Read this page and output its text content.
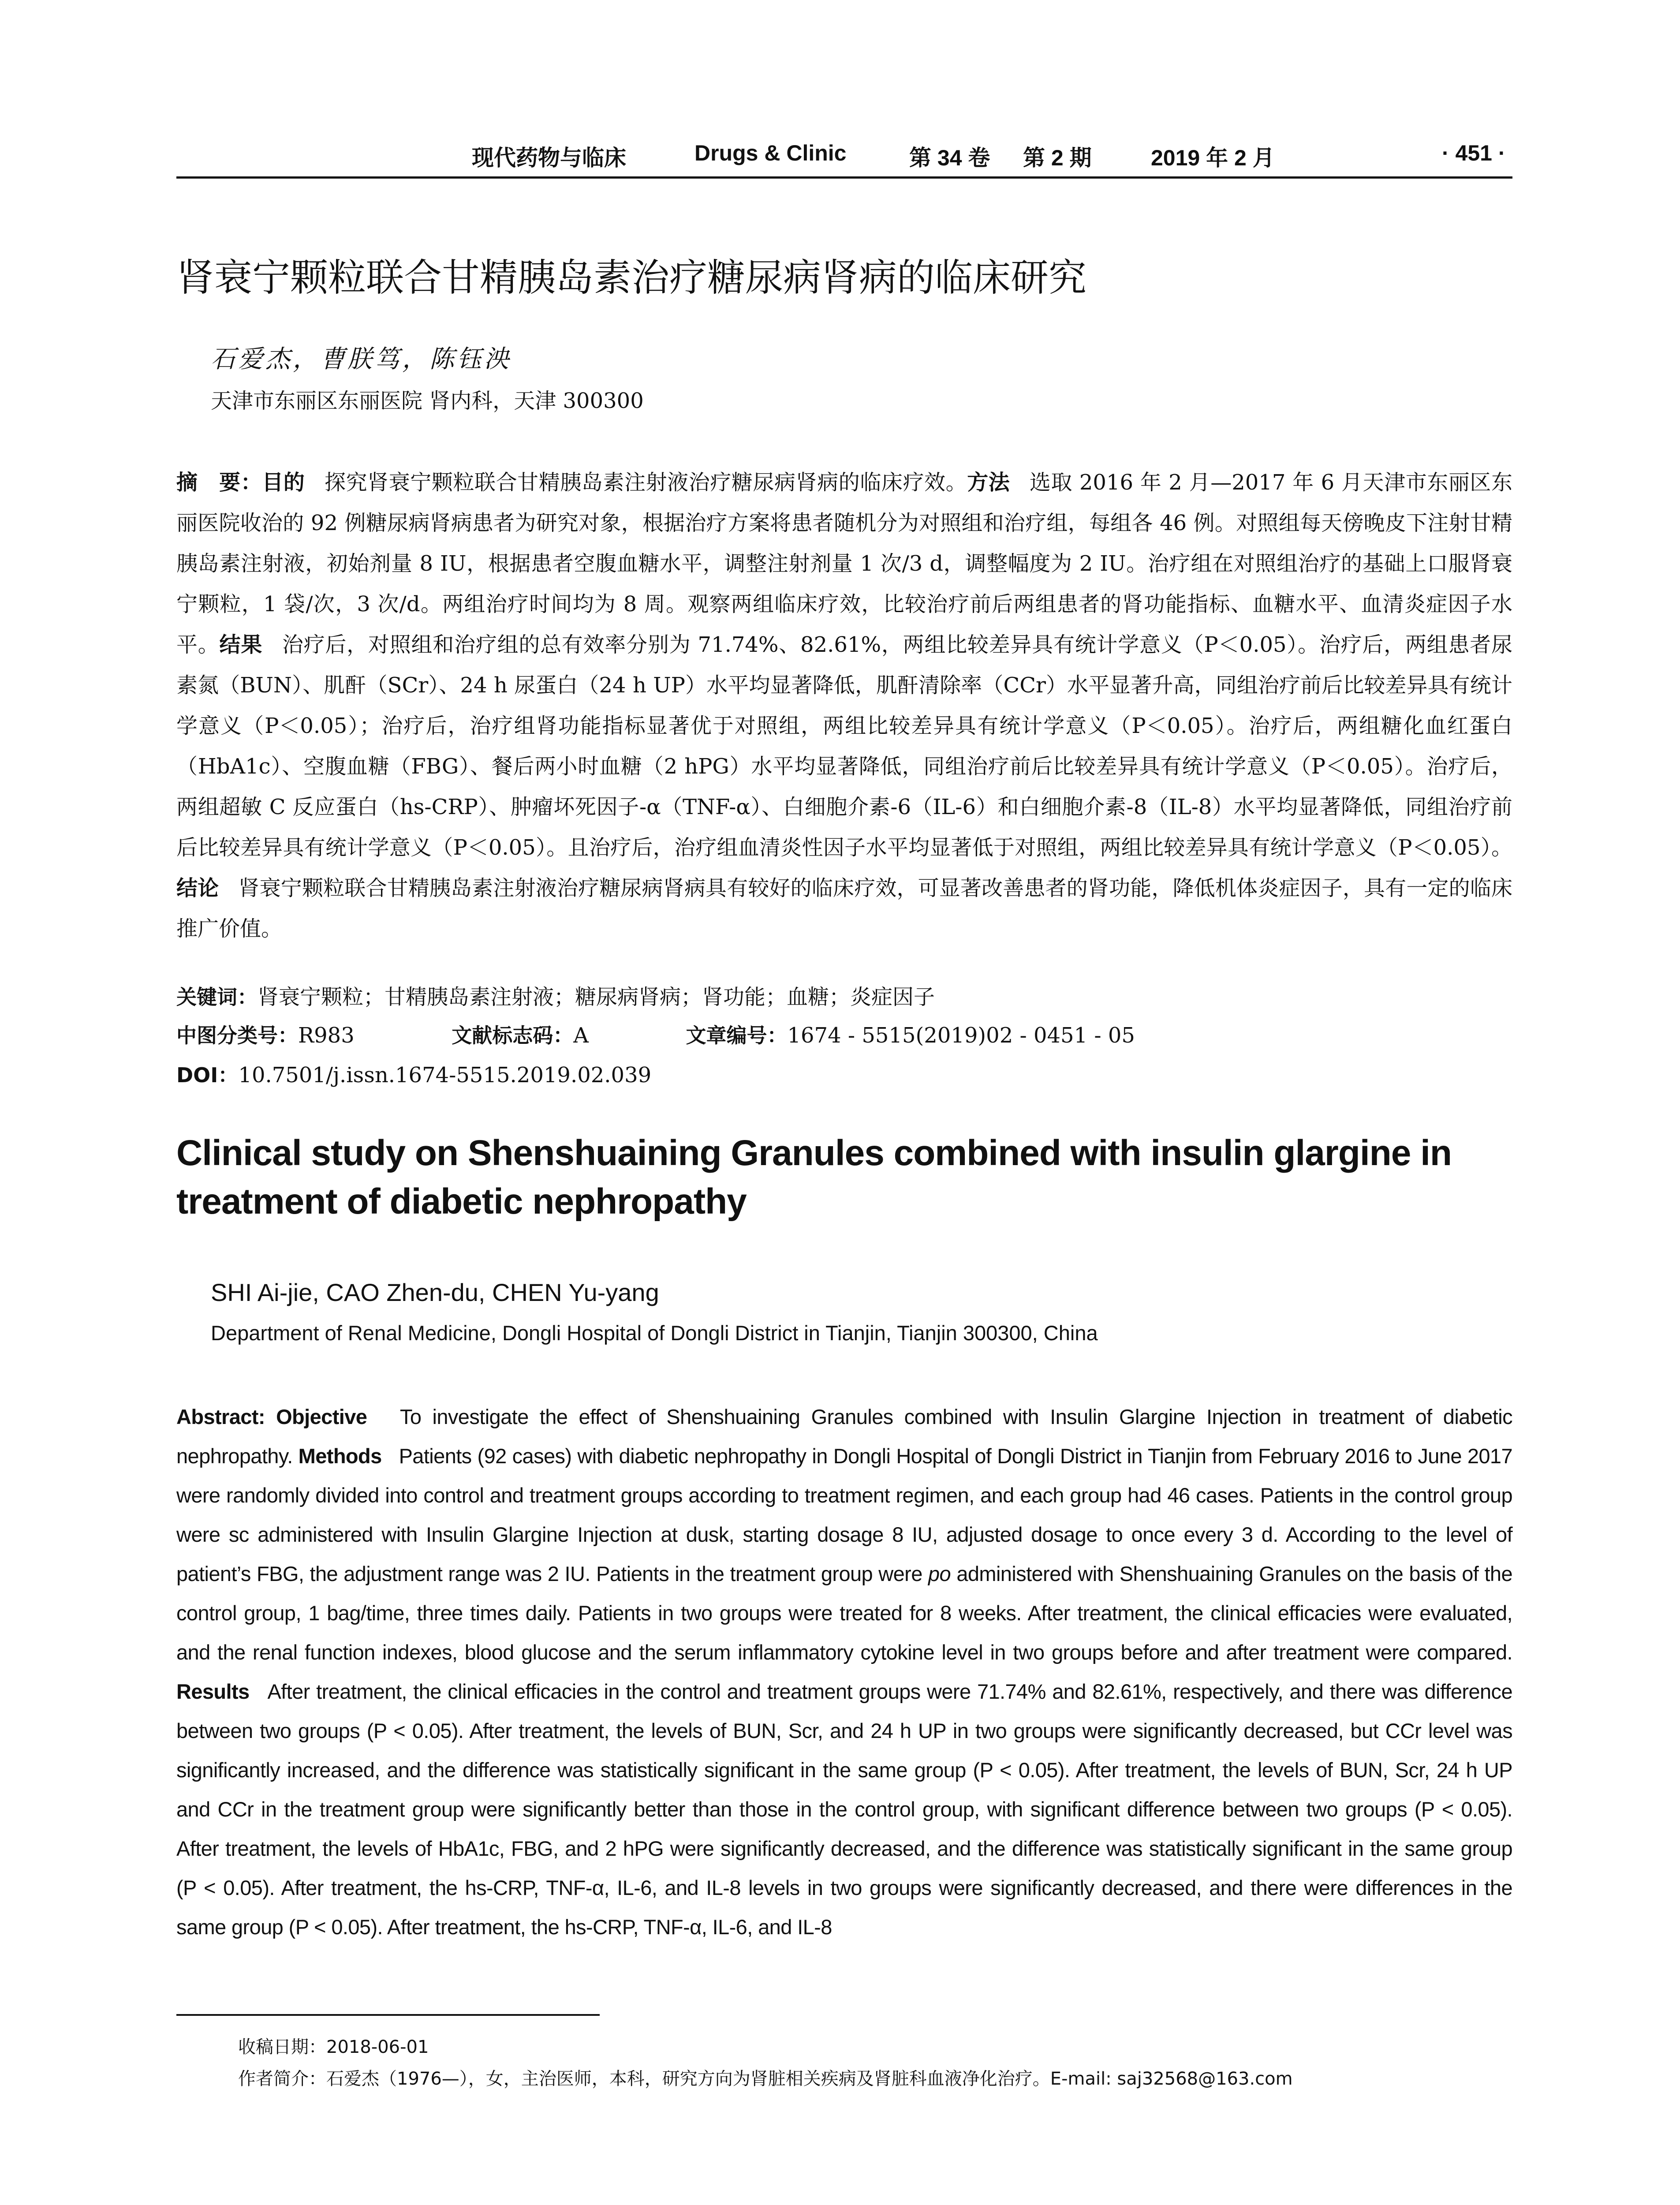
现代药物与临床	Drugs & Clinic	第 34 卷 第 2 期	2019 年 2 月	· 451 ·
肾衰宁颗粒联合甘精胰岛素治疗糖尿病肾病的临床研究
石爱杰，曹朕笃，陈钰泱
天津市东丽区东丽医院 肾内科，天津 300300

摘　要：目的 探究肾衰宁颗粒联合甘精胰岛素注射液治疗糖尿病肾病的临床疗效。方法 选取 2016 年 2 月—2017 年 6 月天津市东丽区东丽医院收治的 92 例糖尿病肾病患者为研究对象，根据治疗方案将患者随机分为对照组和治疗组，每组各 46 例。对照组每天傍晚皮下注射甘精胰岛素注射液，初始剂量 8 IU，根据患者空腹血糖水平，调整注射剂量 1 次/3 d，调整幅度为 2 IU。治疗组在对照组治疗的基础上口服肾衰宁颗粒，1 袋/次，3 次/d。两组治疗时间均为 8 周。观察两组临床疗效，比较治疗前后两组患者的肾功能指标、血糖水平、血清炎症因子水平。结果 治疗后，对照组和治疗组的总有效率分别为 71.74%、82.61%，两组比较差异具有统计学意义（P＜0.05）。治疗后，两组患者尿素氮（BUN）、肌酐（SCr）、24 h 尿蛋白（24 h UP）水平均显著降低，肌酐清除率（CCr）水平显著升高，同组治疗前后比较差异具有统计学意义（P＜0.05）；治疗后，治疗组肾功能指标显著优于对照组，两组比较差异具有统计学意义（P＜0.05）。治疗后，两组糖化血红蛋白（HbA1c）、空腹血糖（FBG）、餐后两小时血糖（2 hPG）水平均显著降低，同组治疗前后比较差异具有统计学意义（P＜0.05）。治疗后，两组超敏 C 反应蛋白（hs-CRP）、肿瘤坏死因子-α（TNF-α）、白细胞介素-6（IL-6）和白细胞介素-8（IL-8）水平均显著降低，同组治疗前后比较差异具有统计学意义（P＜0.05）。且治疗后，治疗组血清炎性因子水平均显著低于对照组，两组比较差异具有统计学意义（P＜0.05）。结论 肾衰宁颗粒联合甘精胰岛素注射液治疗糖尿病肾病具有较好的临床疗效，可显著改善患者的肾功能，降低机体炎症因子，具有一定的临床推广价值。

关键词：肾衰宁颗粒；甘精胰岛素注射液；糖尿病肾病；肾功能；血糖；炎症因子
中图分类号：R983	文献标志码：A	文章编号：1674 - 5515(2019)02 - 0451 - 05
DOI：10.7501/j.issn.1674-5515.2019.02.039
Clinical study on Shenshuaining Granules combined with insulin glargine in treatment of diabetic nephropathy
SHI Ai-jie, CAO Zhen-du, CHEN Yu-yang
Department of Renal Medicine, Dongli Hospital of Dongli District in Tianjin, Tianjin 300300, China

Abstract: Objective To investigate the effect of Shenshuaining Granules combined with Insulin Glargine Injection in treatment of diabetic nephropathy. Methods Patients (92 cases) with diabetic nephropathy in Dongli Hospital of Dongli District in Tianjin from February 2016 to June 2017 were randomly divided into control and treatment groups according to treatment regimen, and each group had 46 cases. Patients in the control group were sc administered with Insulin Glargine Injection at dusk, starting dosage 8 IU, adjusted dosage to once every 3 d. According to the level of patient’s FBG, the adjustment range was 2 IU. Patients in the treatment group were po administered with Shenshuaining Granules on the basis of the control group, 1 bag/time, three times daily. Patients in two groups were treated for 8 weeks. After treatment, the clinical efficacies were evaluated, and the renal function indexes, blood glucose and the serum inflammatory cytokine level in two groups before and after treatment were compared. Results After treatment, the clinical efficacies in the control and treatment groups were 71.74% and 82.61%, respectively, and there was difference between two groups (P < 0.05). After treatment, the levels of BUN, Scr, and 24 h UP in two groups were significantly decreased, but CCr level was significantly increased, and the difference was statistically significant in the same group (P < 0.05). After treatment, the levels of BUN, Scr, 24 h UP and CCr in the treatment group were significantly better than those in the control group, with significant difference between two groups (P < 0.05). After treatment, the levels of HbA1c, FBG, and 2 hPG were significantly decreased, and the difference was statistically significant in the same group (P < 0.05). After treatment, the hs-CRP, TNF-α, IL-6, and IL-8 levels in two groups were significantly decreased, and there were differences in the same group (P < 0.05). After treatment, the hs-CRP, TNF-α, IL-6, and IL-8

收稿日期：2018-06-01
作者简介：石爱杰（1976—），女，主治医师，本科，研究方向为肾脏相关疾病及肾脏科血液净化治疗。E-mail: saj32568@163.com
